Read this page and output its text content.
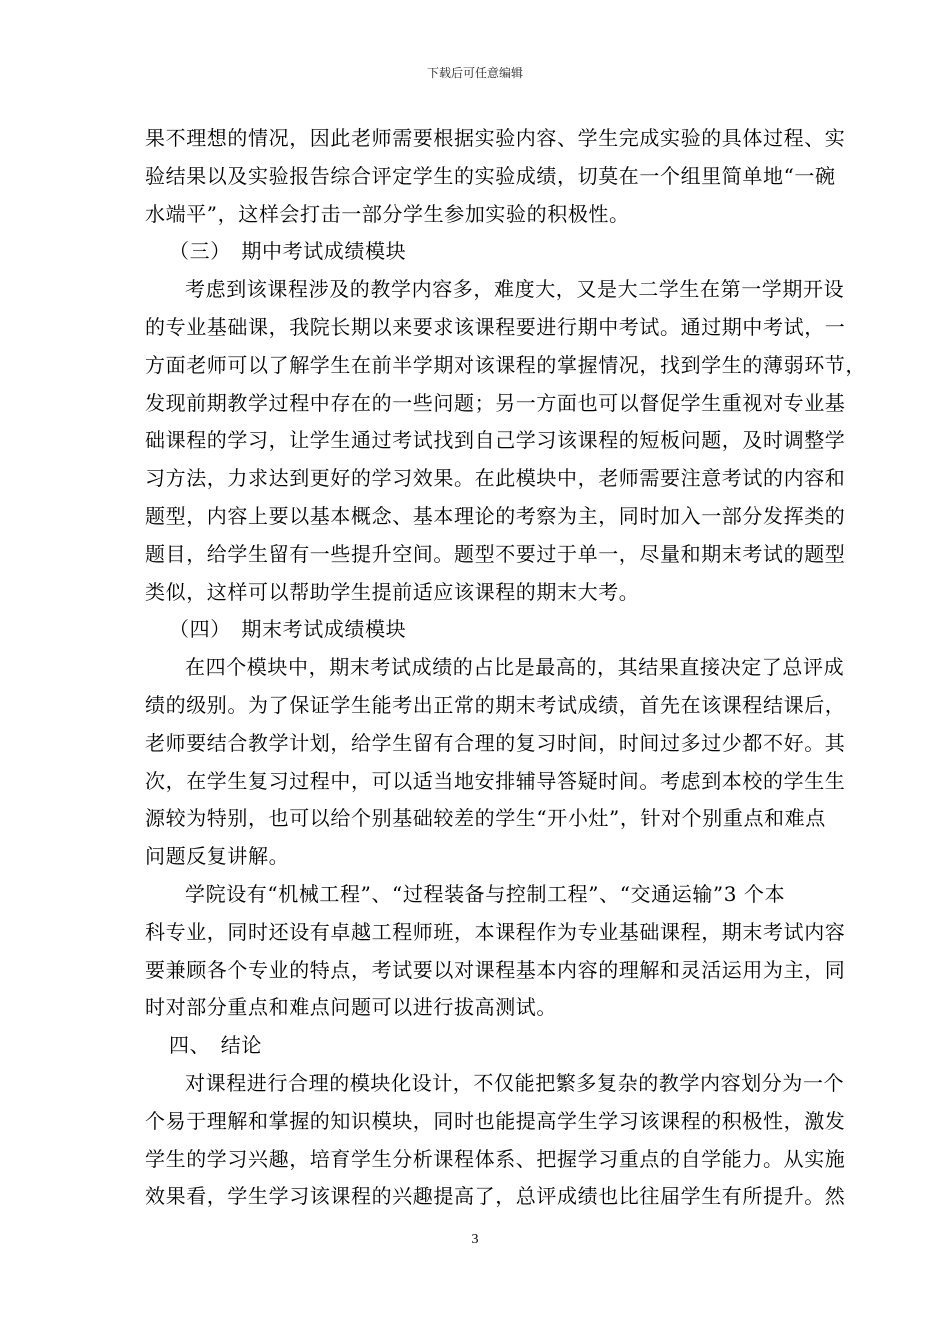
下载后可任意编辑
果不理想的情况，因此老师需要根据实验内容、学生完成实验的具体过程、实
验结果以及实验报告综合评定学生的实验成绩，切莫在一个组里简单地“一碗
水端平”，这样会打击一部分学生参加实验的积极性。
（三）　期中考试成绩模块
考虑到该课程涉及的教学内容多，难度大，又是大二学生在第一学期开设
的专业基础课，我院长期以来要求该课程要进行期中考试。通过期中考试，一
方面老师可以了解学生在前半学期对该课程的掌握情况，找到学生的薄弱环节，
发现前期教学过程中存在的一些问题；另一方面也可以督促学生重视对专业基
础课程的学习，让学生通过考试找到自己学习该课程的短板问题，及时调整学
习方法，力求达到更好的学习效果。在此模块中，老师需要注意考试的内容和
题型，内容上要以基本概念、基本理论的考察为主，同时加入一部分发挥类的
题目，给学生留有一些提升空间。题型不要过于单一，尽量和期末考试的题型
类似，这样可以帮助学生提前适应该课程的期末大考。
（四）　期末考试成绩模块
在四个模块中，期末考试成绩的占比是最高的，其结果直接决定了总评成
绩的级别。为了保证学生能考出正常的期末考试成绩，首先在该课程结课后，
老师要结合教学计划，给学生留有合理的复习时间，时间过多过少都不好。其
次，在学生复习过程中，可以适当地安排辅导答疑时间。考虑到本校的学生生
源较为特别，也可以给个别基础较差的学生“开小灶”，针对个别重点和难点
问题反复讲解。
学院设有“机械工程”、“过程装备与控制工程”、“交通运输”3 个本
科专业，同时还设有卓越工程师班，本课程作为专业基础课程，期末考试内容
要兼顾各个专业的特点，考试要以对课程基本内容的理解和灵活运用为主，同
时对部分重点和难点问题可以进行拔高测试。
四、　结论
对课程进行合理的模块化设计，不仅能把繁多复杂的教学内容划分为一个
个易于理解和掌握的知识模块，同时也能提高学生学习该课程的积极性，激发
学生的学习兴趣，培育学生分析课程体系、把握学习重点的自学能力。从实施
效果看，学生学习该课程的兴趣提高了，总评成绩也比往届学生有所提升。然
3
